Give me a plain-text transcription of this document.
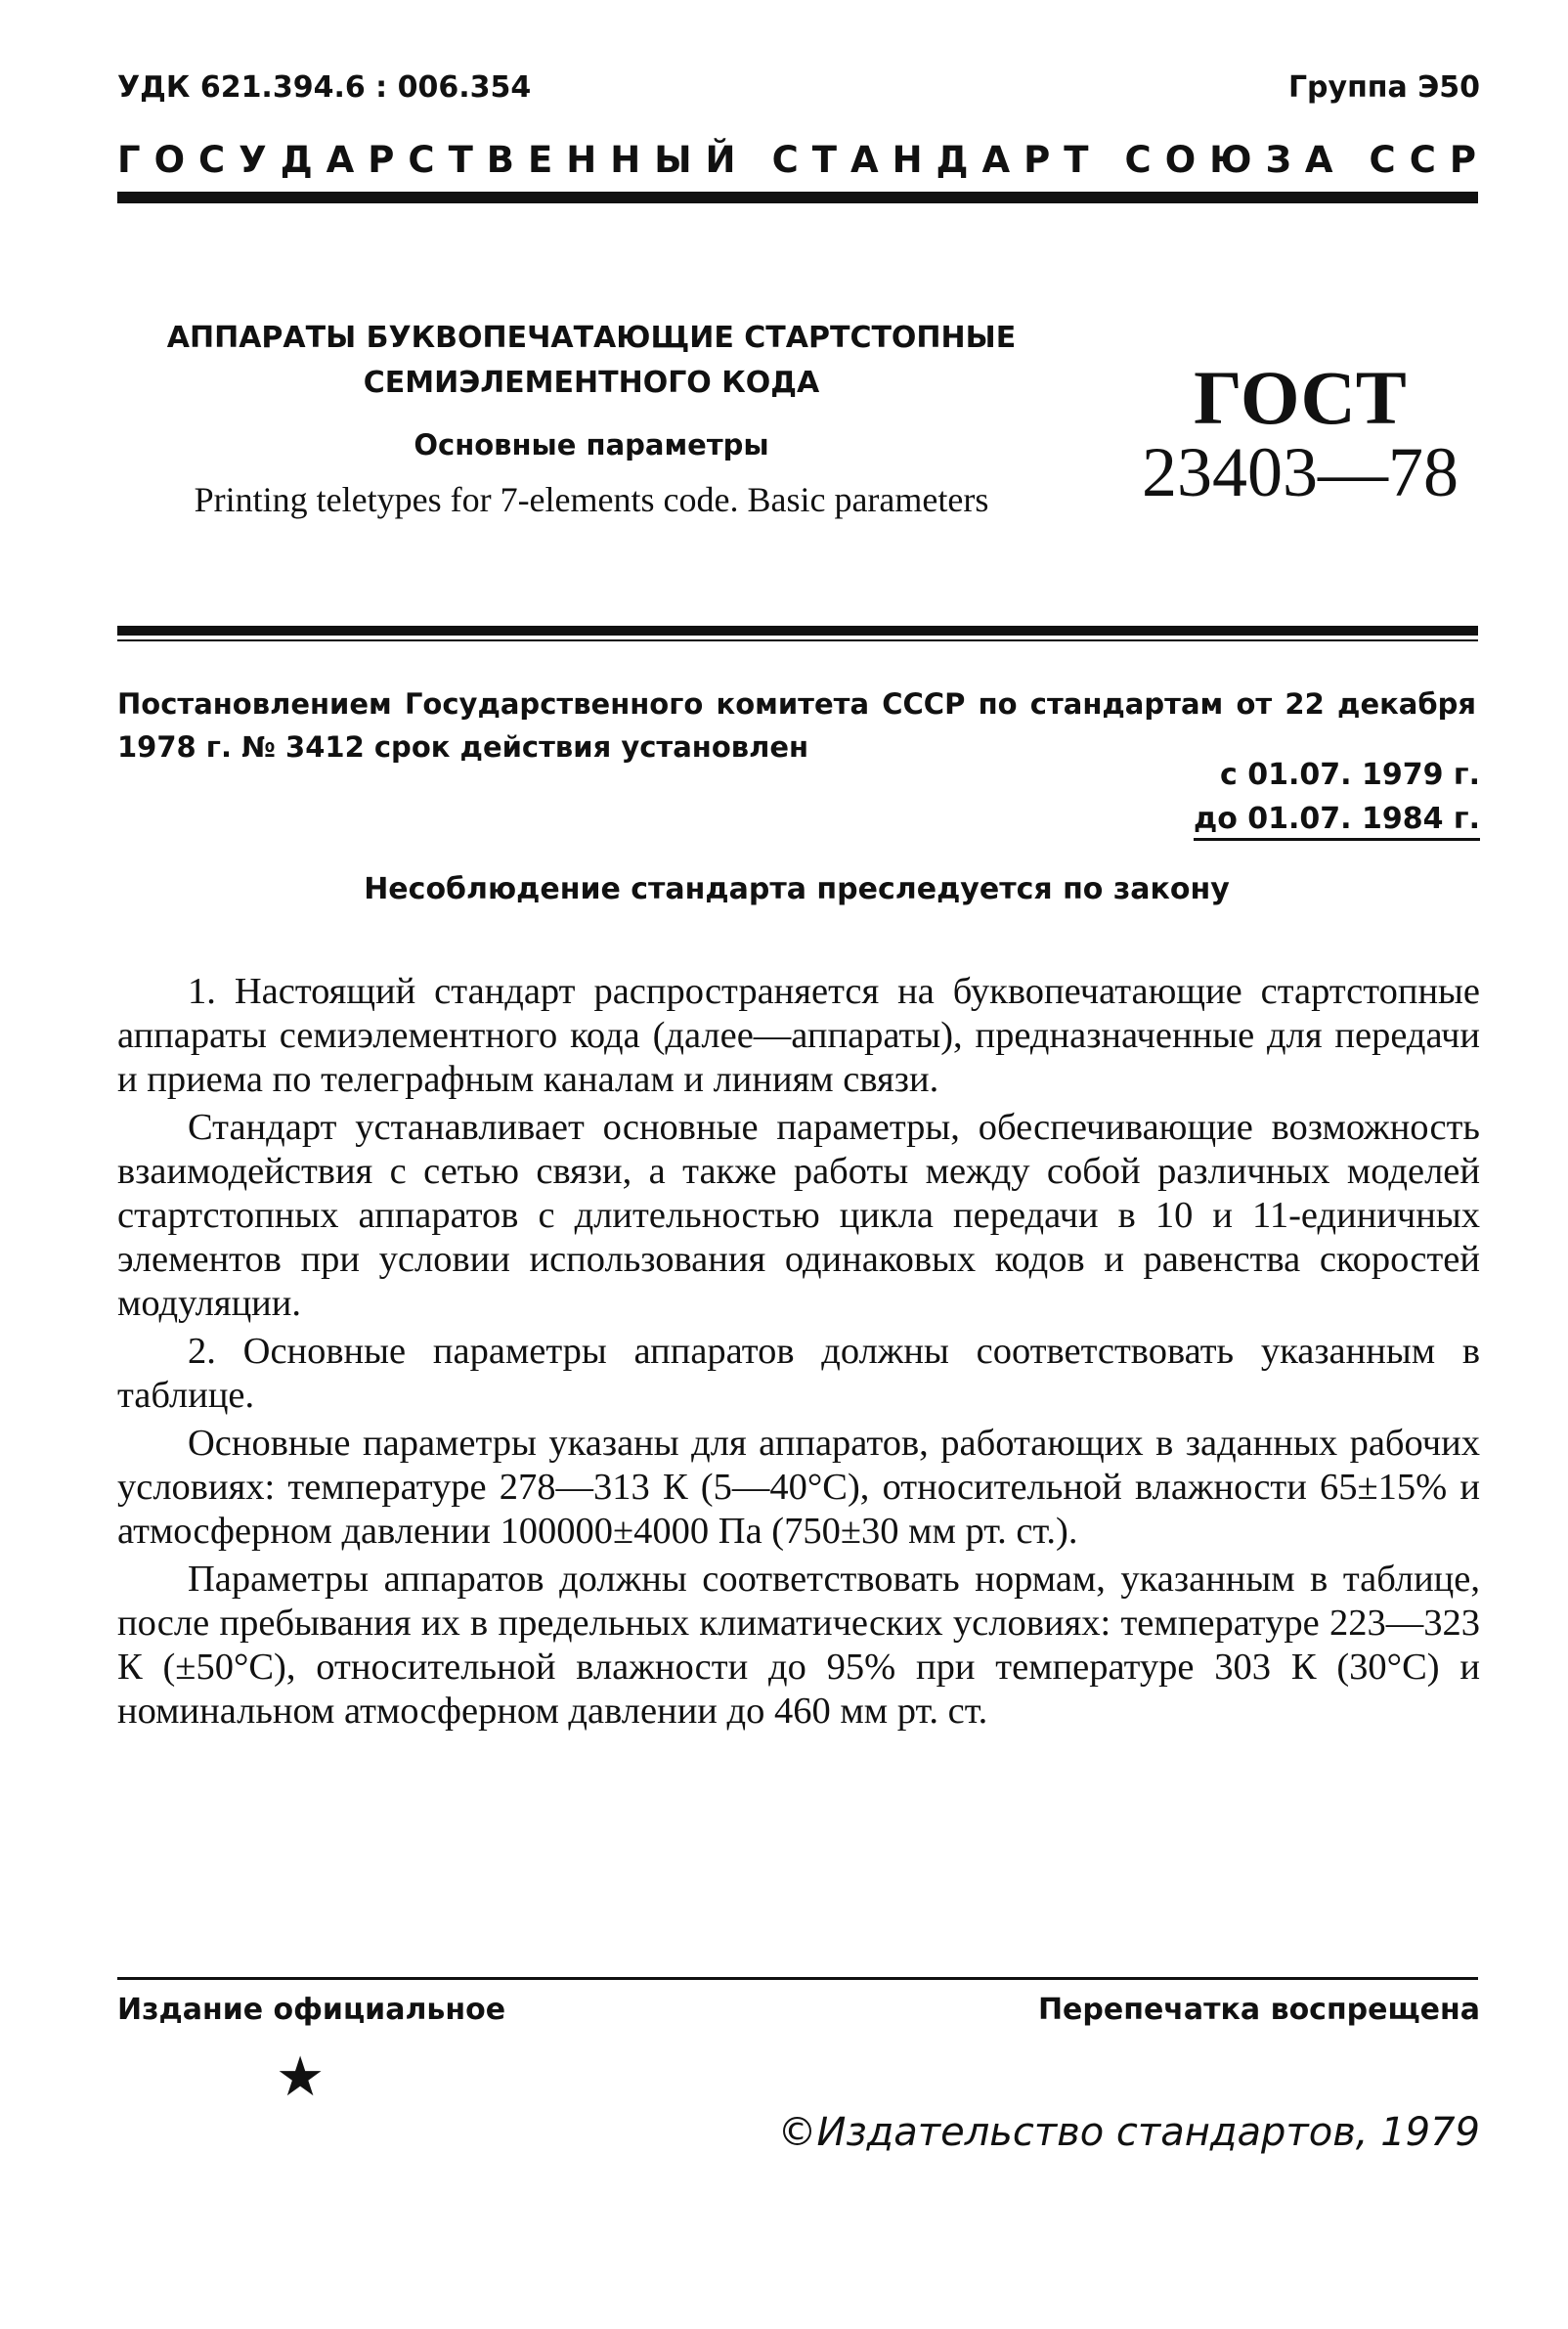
УДК 621.394.6 : 006.354	Группа Э50
ГОСУДАРСТВЕННЫЙ СТАНДАРТ СОЮЗА ССР
АППАРАТЫ БУКВОПЕЧАТАЮЩИЕ СТАРТСТОПНЫЕ
СЕМИЭЛЕМЕНТНОГО КОДА
Основные параметры
Printing teletypes for 7-elements code. Basic parameters
ГОСТ
23403—78
Постановлением Государственного комитета СССР по стандартам от 22 декабря 1978 г. № 3412 срок действия установлен
с 01.07. 1979 г.
до 01.07. 1984 г.
Несоблюдение стандарта преследуется по закону

1. Настоящий стандарт распространяется на буквопечатающие стартстопные аппараты семиэлементного кода (далее—аппараты), предназначенные для передачи и приема по телеграфным каналам и линиям связи.

Стандарт устанавливает основные параметры, обеспечивающие возможность взаимодействия с сетью связи, а также работы между собой различных моделей стартстопных аппаратов с длительностью цикла передачи в 10 и 11-единичных элементов при условии использования одинаковых кодов и равенства скоростей модуляции.

2. Основные параметры аппаратов должны соответствовать указанным в таблице.

Основные параметры указаны для аппаратов, работающих в заданных рабочих условиях: температуре 278—313 К (5—40°С), относительной влажности 65±15% и атмосферном давлении 100000±4000 Па (750±30 мм рт. ст.).

Параметры аппаратов должны соответствовать нормам, указанным в таблице, после пребывания их в предельных климатических условиях: температуре 223—323 К (±50°С), относительной влажности до 95% при температуре 303 К (30°С) и номинальном атмосферном давлении до 460 мм рт. ст.

Издание официальное	Перепечатка воспрещена
★
©Издательство стандартов, 1979
